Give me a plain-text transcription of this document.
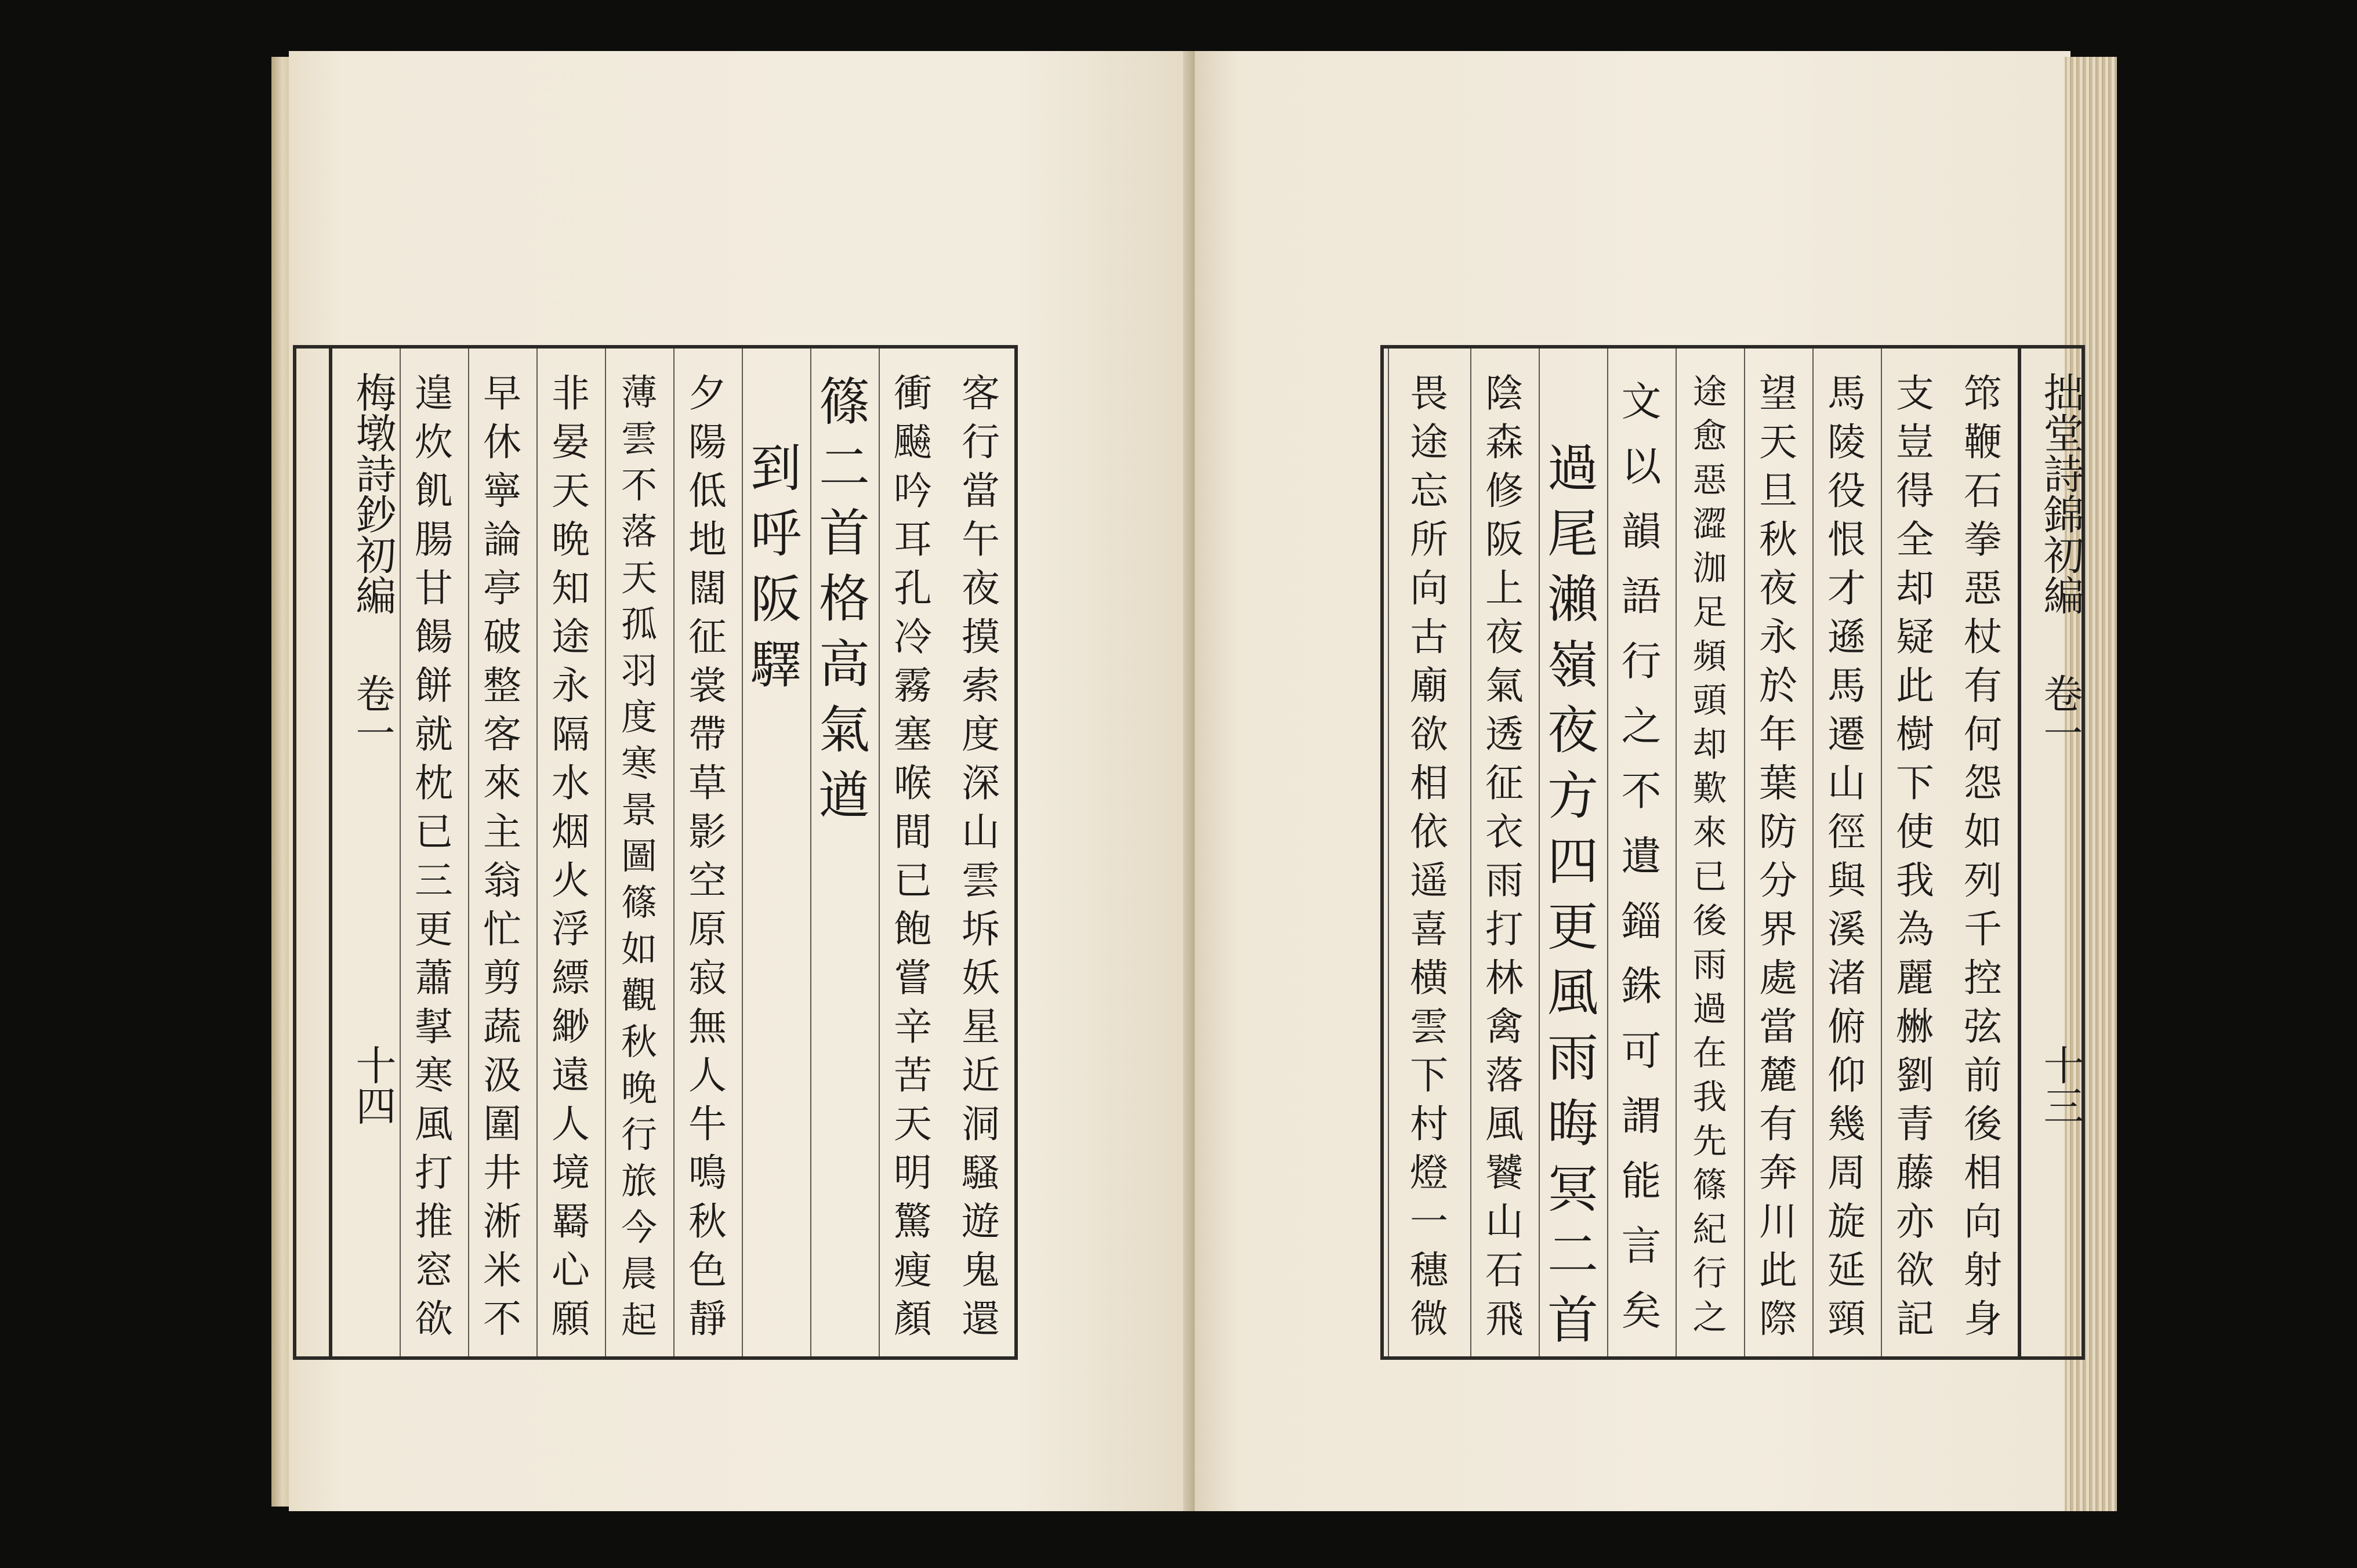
客
行
當
午
夜
摸
索
度
深
山
雲
坼
妖
星
近
洞
騷
遊
鬼
還
衝
飇
吟
耳
孔
冷
霧
塞
喉
間
已
飽
嘗
辛
苦
天
明
驚
瘦
顏
篠
二
首
格
高
氣
遒
到
呼
阪
驛
夕
陽
低
地
闊
征
裳
帶
草
影
空
原
寂
無
人
牛
鳴
秋
色
靜
薄
雲
不
落
天
孤
羽
度
寒
景
圖
篠
如
觀
秋
晚
行
旅
今
晨
起
非
晏
天
晩
知
途
永
隔
水
烟
火
浮
縹
緲
遠
人
境
羇
心
願
早
休
寧
論
亭
破
整
客
來
主
翁
忙
剪
蔬
汲
圍
井
淅
米
不
遑
炊
飢
腸
甘
餳
餅
就
枕
已
三
更
蕭
㨍
寒
風
打
推
窓
欲
梅墩詩鈔初編
卷一
十四
拙堂詩錦初編
卷一
十三
筇
鞭
石
拳
惡
杖
有
何
怨
如
列
千
控
弦
前
後
相
向
射
身
支
豈
得
全
却
疑
此
樹
下
使
我
為
麗
㴇
劉
青
藤
亦
欲
記
馬
陵
役
恨
才
遜
馬
遷
山
徑
與
溪
渚
俯
仰
幾
周
旋
延
頸
望
天
旦
秋
夜
永
於
年
葉
防
分
界
處
當
麓
有
奔
川
此
際
途
愈
惡
澀
泇
足
頻
頭
却
歎
來
已
後
雨
過
在
我
先
篠
紀
行
之
文
以
韻
語
行
之
不
遺
錙
銖
可
謂
能
言
矣
過
尾
瀨
嶺
夜
方
四
更
風
雨
晦
冥
二
首
陰
森
修
阪
上
夜
氣
透
征
衣
雨
打
林
禽
落
風
饕
山
石
飛
畏
途
忘
所
向
古
廟
欲
相
依
遥
喜
横
雲
下
村
燈
一
穗
微
